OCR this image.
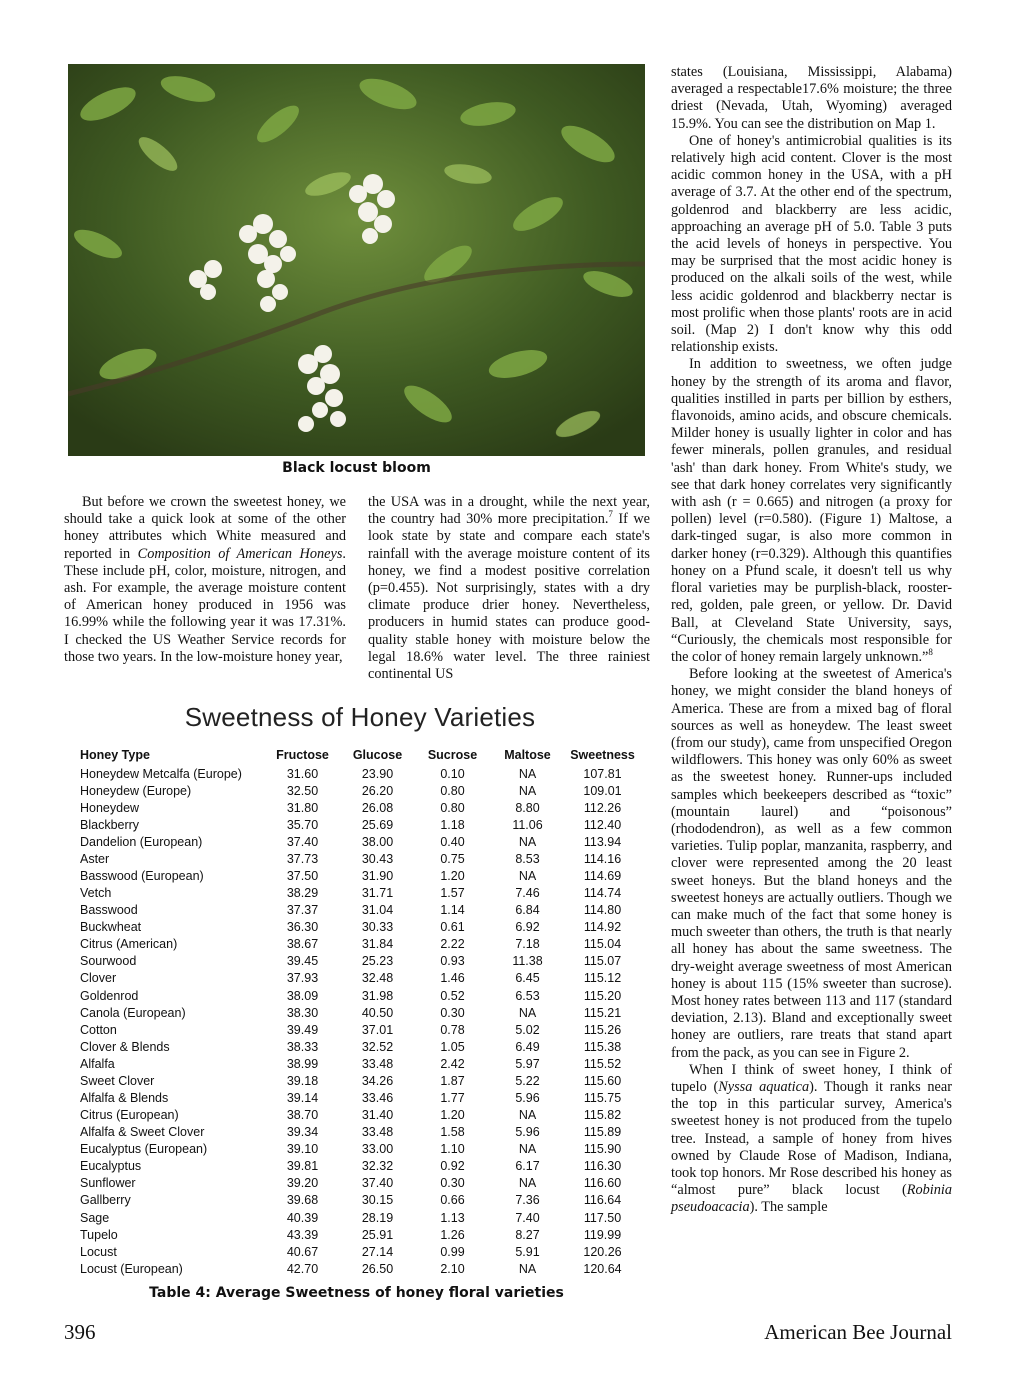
Black locust bloom

But before we crown the sweetest honey, we should take a quick look at some of the other honey attributes which White measured and reported in Composition of American Honeys. These include pH, color, moisture, nitrogen, and ash. For example, the average moisture content of American honey produced in 1956 was 16.99% while the following year it was 17.31%. I checked the US Weather Service records for those two years. In the low-moisture honey year,

the USA was in a drought, while the next year, the country had 30% more precipitation.$^7$ If we look state by state and compare each state's rainfall with the average moisture content of its honey, we find a modest positive correlation (p=0.455). Not surprisingly, states with a dry climate produce drier honey. Nevertheless, producers in humid states can produce good-quality stable honey with moisture below the legal 18.6% water level. The three rainiest continental US

states (Louisiana, Mississippi, Alabama) averaged a respectable17.6% moisture; the three driest (Nevada, Utah, Wyoming) averaged 15.9%. You can see the distribution on Map 1.

One of honey's antimicrobial qualities is its relatively high acid content. Clover is the most acidic common honey in the USA, with a pH average of 3.7. At the other end of the spectrum, goldenrod and blackberry are less acidic, approaching an average pH of 5.0. Table 3 puts the acid levels of honeys in perspective. You may be surprised that the most acidic honey is produced on the alkali soils of the west, while less acidic goldenrod and blackberry nectar is most prolific when those plants' roots are in acid soil. (Map 2) I don't know why this odd relationship exists.

In addition to sweetness, we often judge honey by the strength of its aroma and flavor, qualities instilled in parts per billion by esthers, flavonoids, amino acids, and obscure chemicals. Milder honey is usually lighter in color and has fewer minerals, pollen granules, and residual 'ash' than dark honey. From White's study, we see that dark honey correlates very significantly with ash (r = 0.665) and nitrogen (a proxy for pollen) level (r=0.580). (Figure 1) Maltose, a dark-tinged sugar, is also more common in darker honey (r=0.329). Although this quantifies honey on a Pfund scale, it doesn't tell us why floral varieties may be purplish-black, rooster-red, golden, pale green, or yellow. Dr. David Ball, at Cleveland State University, says, “Curiously, the chemicals most responsible for the color of honey remain largely unknown.”$^8$

Before looking at the sweetest of America's honey, we might consider the bland honeys of America. These are from a mixed bag of floral sources as well as honeydew. The least sweet (from our study), came from unspecified Oregon wildflowers. This honey was only 60% as sweet as the sweetest honey. Runner-ups included samples which beekeepers described as “toxic” (mountain laurel) and “poisonous” (rhododendron), as well as a few common varieties. Tulip poplar, manzanita, raspberry, and clover were represented among the 20 least sweet honeys. But the bland honeys and the sweetest honeys are actually outliers. Though we can make much of the fact that some honey is much sweeter than others, the truth is that nearly all honey has about the same sweetness. The dry-weight average sweetness of most American honey is about 115 (15% sweeter than sucrose). Most honey rates between 113 and 117 (standard deviation, 2.13). Bland and exceptionally sweet honey are outliers, rare treats that stand apart from the pack, as you can see in Figure 2.

When I think of sweet honey, I think of tupelo (Nyssa aquatica). Though it ranks near the top in this particular survey, America's sweetest honey is not produced from the tupelo tree. Instead, a sample of honey from hives owned by Claude Rose of Madison, Indiana, took top honors. Mr Rose described his honey as “almost pure” black locust (Robinia pseudoacacia). The sample

Sweetness of Honey Varieties
Honey Type	Fructose	Glucose	Sucrose	Maltose	Sweetness
Honeydew Metcalfa (Europe)	31.60	23.90	0.10	NA	107.81
Honeydew (Europe)	32.50	26.20	0.80	NA	109.01
Honeydew	31.80	26.08	0.80	8.80	112.26
Blackberry	35.70	25.69	1.18	11.06	112.40
Dandelion (European)	37.40	38.00	0.40	NA	113.94
Aster	37.73	30.43	0.75	8.53	114.16
Basswood (European)	37.50	31.90	1.20	NA	114.69
Vetch	38.29	31.71	1.57	7.46	114.74
Basswood	37.37	31.04	1.14	6.84	114.80
Buckwheat	36.30	30.33	0.61	6.92	114.92
Citrus (American)	38.67	31.84	2.22	7.18	115.04
Sourwood	39.45	25.23	0.93	11.38	115.07
Clover	37.93	32.48	1.46	6.45	115.12
Goldenrod	38.09	31.98	0.52	6.53	115.20
Canola (European)	38.30	40.50	0.30	NA	115.21
Cotton	39.49	37.01	0.78	5.02	115.26
Clover & Blends	38.33	32.52	1.05	6.49	115.38
Alfalfa	38.99	33.48	2.42	5.97	115.52
Sweet Clover	39.18	34.26	1.87	5.22	115.60
Alfalfa & Blends	39.14	33.46	1.77	5.96	115.75
Citrus (European)	38.70	31.40	1.20	NA	115.82
Alfalfa & Sweet Clover	39.34	33.48	1.58	5.96	115.89
Eucalyptus (European)	39.10	33.00	1.10	NA	115.90
Eucalyptus	39.81	32.32	0.92	6.17	116.30
Sunflower	39.20	37.40	0.30	NA	116.60
Gallberry	39.68	30.15	0.66	7.36	116.64
Sage	40.39	28.19	1.13	7.40	117.50
Tupelo	43.39	25.91	1.26	8.27	119.99
Locust	40.67	27.14	0.99	5.91	120.26
Locust (European)	42.70	26.50	2.10	NA	120.64
Table 4: Average Sweetness of honey floral varieties
396	American Bee Journal
